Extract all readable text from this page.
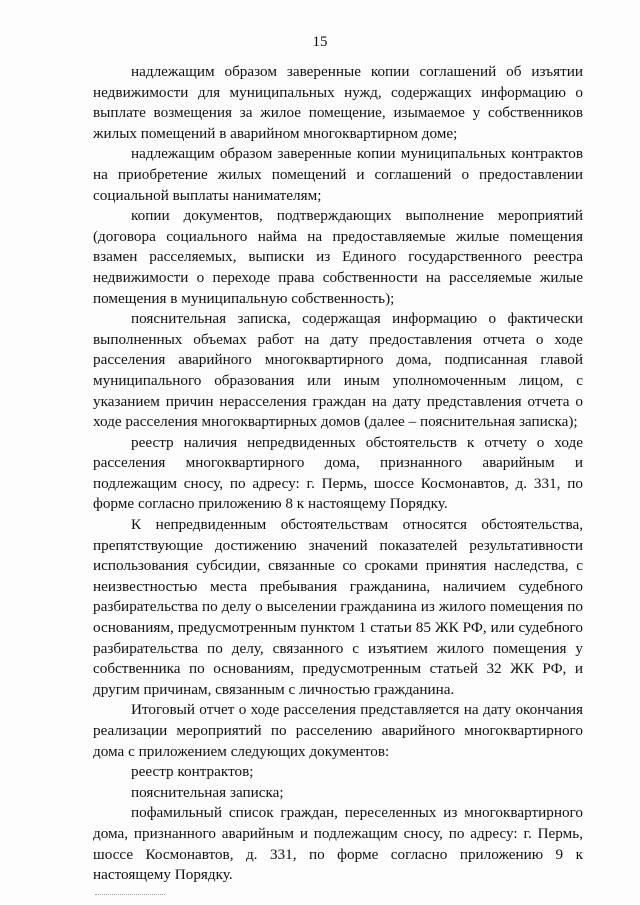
15

надлежащим образом заверенные копии соглашений об изъятии недвижимости для муниципальных нужд, содержащих информацию о выплате возмещения за жилое помещение, изымаемое у собственников жилых помещений в аварийном многоквартирном доме;

надлежащим образом заверенные копии муниципальных контрактов на приобретение жилых помещений и соглашений о предоставлении социальной выплаты нанимателям;

копии документов, подтверждающих выполнение мероприятий (договора социального найма на предоставляемые жилые помещения взамен расселяемых, выписки из Единого государственного реестра недвижимости о переходе права собственности на расселяемые жилые помещения в муниципальную собственность);

пояснительная записка, содержащая информацию о фактически выполненных объемах работ на дату предоставления отчета о ходе расселения аварийного многоквартирного дома, подписанная главой муниципального образования или иным уполномоченным лицом, с указанием причин нерасселения граждан на дату представления отчета о ходе расселения многоквартирных домов (далее – пояснительная записка);

реестр наличия непредвиденных обстоятельств к отчету о ходе расселения многоквартирного дома, признанного аварийным и подлежащим сносу, по адресу: г. Пермь, шоссе Космонавтов, д. 331, по форме согласно приложению 8 к настоящему Порядку.

К непредвиденным обстоятельствам относятся обстоятельства, препятствующие достижению значений показателей результативности использования субсидии, связанные со сроками принятия наследства, с неизвестностью места пребывания гражданина, наличием судебного разбирательства по делу о выселении гражданина из жилого помещения по основаниям, предусмотренным пунктом 1 статьи 85 ЖК РФ, или судебного разбирательства по делу, связанного с изъятием жилого помещения у собственника по основаниям, предусмотренным статьей 32 ЖК РФ, и другим причинам, связанным с личностью гражданина.

Итоговый отчет о ходе расселения представляется на дату окончания реализации мероприятий по расселению аварийного многоквартирного дома с приложением следующих документов:

реестр контрактов;

пояснительная записка;

пофамильный список граждан, переселенных из многоквартирного дома, признанного аварийным и подлежащим сносу, по адресу: г. Пермь, шоссе Космонавтов, д. 331, по форме согласно приложению 9 к настоящему Порядку.
